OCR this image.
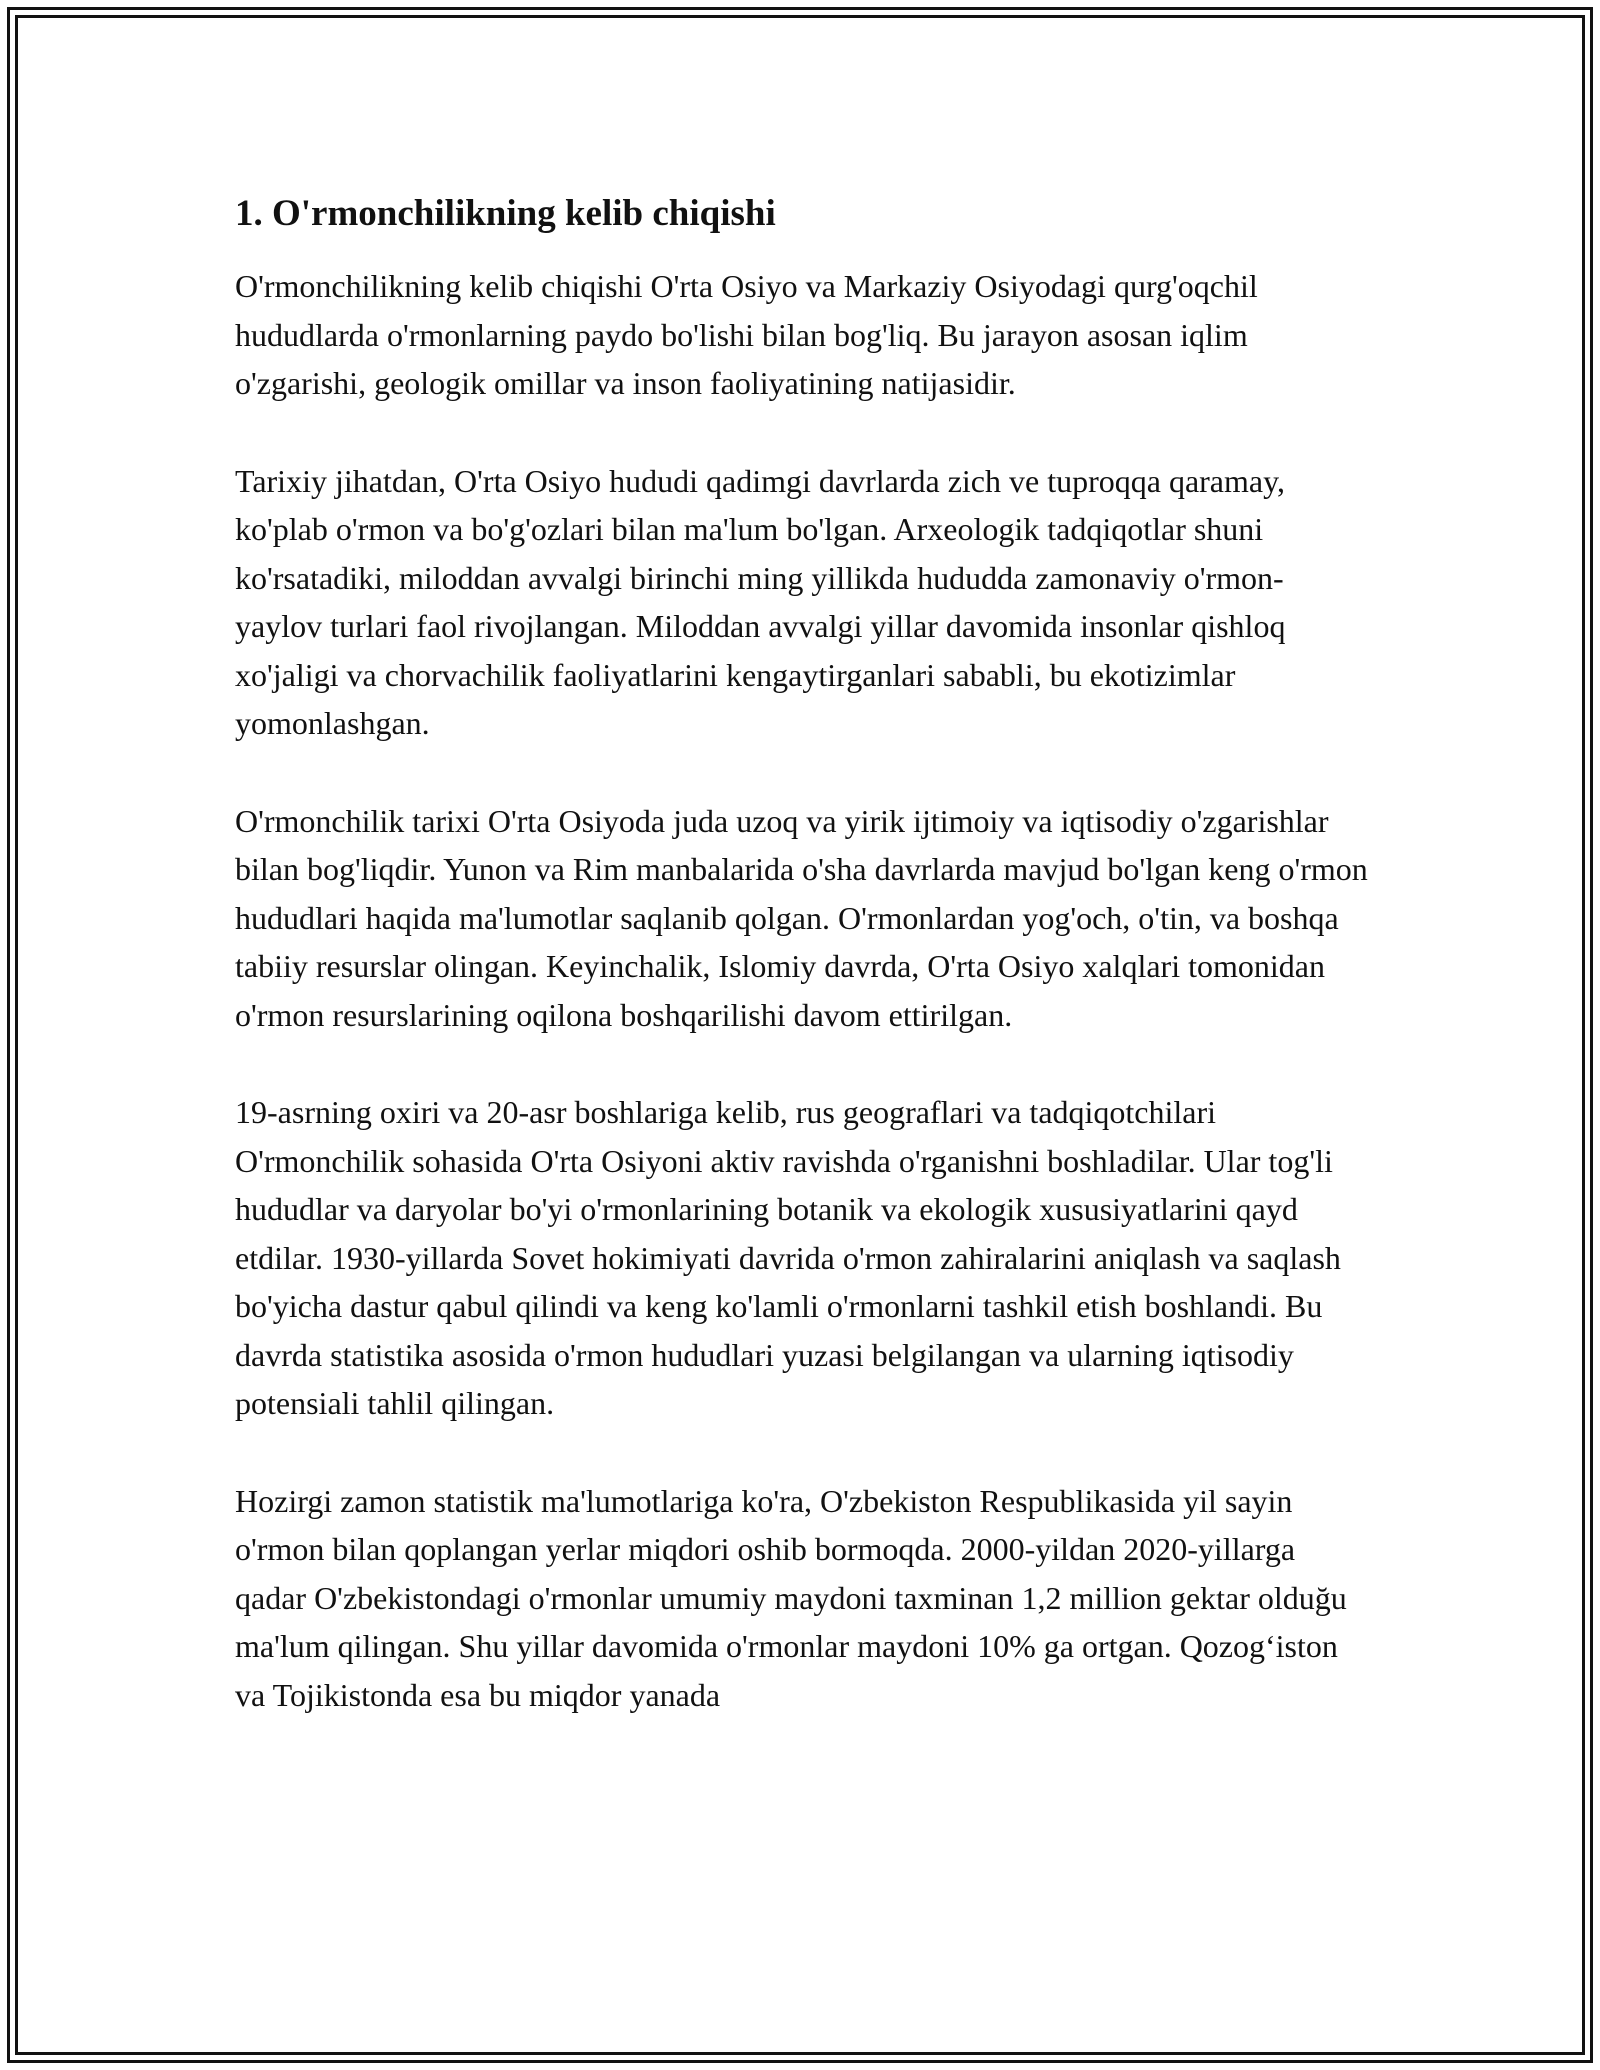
1. O'rmonchilikning kelib chiqishi

O'rmonchilikning kelib chiqishi O'rta Osiyo va Markaziy Osiyodagi qurg'oqchil hududlarda o'rmonlarning paydo bo'lishi bilan bog'liq. Bu jarayon asosan iqlim o'zgarishi, geologik omillar va inson faoliyatining natijasidir.

Tarixiy jihatdan, O'rta Osiyo hududi qadimgi davrlarda zich ve tuproqqa qaramay, ko'plab o'rmon va bo'g'ozlari bilan ma'lum bo'lgan. Arxeologik tadqiqotlar shuni ko'rsatadiki, miloddan avvalgi birinchi ming yillikda hududda zamonaviy o'rmon-yaylov turlari faol rivojlangan. Miloddan avvalgi yillar davomida insonlar qishloq xo'jaligi va chorvachilik faoliyatlarini kengaytirganlari sababli, bu ekotizimlar yomonlashgan.

O'rmonchilik tarixi O'rta Osiyoda juda uzoq va yirik ijtimoiy va iqtisodiy o'zgarishlar bilan bog'liqdir. Yunon va Rim manbalarida o'sha davrlarda mavjud bo'lgan keng o'rmon hududlari haqida ma'lumotlar saqlanib qolgan. O'rmonlardan yog'och, o'tin, va boshqa tabiiy resurslar olingan. Keyinchalik, Islomiy davrda, O'rta Osiyo xalqlari tomonidan o'rmon resurslarining oqilona boshqarilishi davom ettirilgan.

19-asrning oxiri va 20-asr boshlariga kelib, rus geograflari va tadqiqotchilari O'rmonchilik sohasida O'rta Osiyoni aktiv ravishda o'rganishni boshladilar. Ular tog'li hududlar va daryolar bo'yi o'rmonlarining botanik va ekologik xususiyatlarini qayd etdilar. 1930-yillarda Sovet hokimiyati davrida o'rmon zahiralarini aniqlash va saqlash bo'yicha dastur qabul qilindi va keng ko'lamli o'rmonlarni tashkil etish boshlandi. Bu davrda statistika asosida o'rmon hududlari yuzasi belgilangan va ularning iqtisodiy potensiali tahlil qilingan.

Hozirgi zamon statistik ma'lumotlariga ko'ra, O'zbekiston Respublikasida yil sayin o'rmon bilan qoplangan yerlar miqdori oshib bormoqda. 2000-yildan 2020-yillarga qadar O'zbekistondagi o'rmonlar umumiy maydoni taxminan 1,2 million gektar olduğu ma'lum qilingan. Shu yillar davomida o'rmonlar maydoni 10% ga ortgan. Qozog‘iston va Tojikistonda esa bu miqdor yanada
